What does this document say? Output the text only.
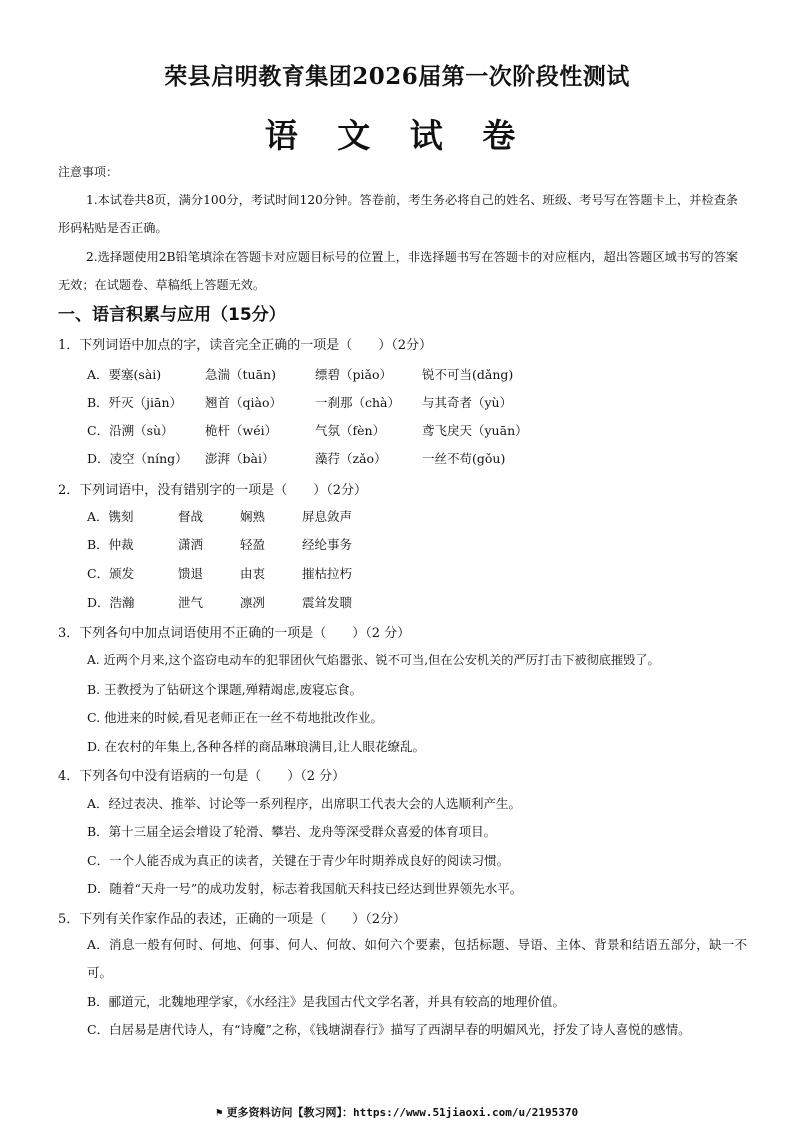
荣县启明教育集团2026届第一次阶段性测试
语 文 试 卷
注意事项：
1.本试卷共8页，满分100分，考试时间120分钟。答卷前，考生务必将自己的姓名、班级、考号写在答题卡上，并检查条形码粘贴是否正确。
2.选择题使用2B铅笔填涂在答题卡对应题目标号的位置上，非选择题书写在答题卡的对应框内，超出答题区域书写的答案无效；在试题卷、草稿纸上答题无效。
一、语言积累与应用（15分）
1．下列词语中加点的字，读音完全正确的一项是（　　）（2分）
A．要塞(sài)	急湍（tuān)	缥碧（piǎo） 锐不可当(dǎng)
B．歼灭（jiān） 翘首（qiào）	一刹那（chà） 与其奇者（yù）
C．沿溯（sù）	桅杆（wéi）	气氛（fèn）	鸢飞戾天（yuān）
D．凌空（níng） 澎湃（bài）	藻荇（zǎo）	一丝不苟(gǒu)
2．下列词语中，没有错别字的一项是（　　）（2分）
A．镌刻	督战	娴熟	屏息敛声
B．仲裁	潇洒	轻盈	经纶事务
C．颁发	馈退	由衷	摧枯拉朽
D．浩瀚	泄气	凛冽	震耸发聩
3．下列各句中加点词语使用不正确的一项是（　　）（2 分）
A. 近两个月来,这个盗窃电动车的犯罪团伙气焰嚣张、锐不可当,但在公安机关的严厉打击下被彻底摧毁了。
B. 王教授为了钻研这个课题,殚精竭虑,废寝忘食。
C. 他进来的时候,看见老师正在一丝不苟地批改作业。
D. 在农村的年集上,各种各样的商品琳琅满目,让人眼花缭乱。
4．下列各句中没有语病的一句是（　　）（2 分）
A．经过表决、推举、讨论等一系列程序，出席职工代表大会的人选顺利产生。
B．第十三届全运会增设了轮滑、攀岩、龙舟等深受群众喜爱的体育项目。
C．一个人能否成为真正的读者，关键在于青少年时期养成良好的阅读习惯。
D．随着“天舟一号”的成功发射，标志着我国航天科技已经达到世界领先水平。
5．下列有关作家作品的表述，正确的一项是（　　）（2分）
A．消息一般有何时、何地、何事、何人、何故、如何六个要素，包括标题、导语、主体、背景和结语五部分，缺一不可。
B．郦道元，北魏地理学家，《水经注》是我国古代文学名著，并具有较高的地理价值。
C．白居易是唐代诗人，有“诗魔”之称，《钱塘湖春行》描写了西湖早春的明媚风光，抒发了诗人喜悦的感情。
⚑ 更多资料访问【教习网】：https://www.51jiaoxi.com/u/2195370
